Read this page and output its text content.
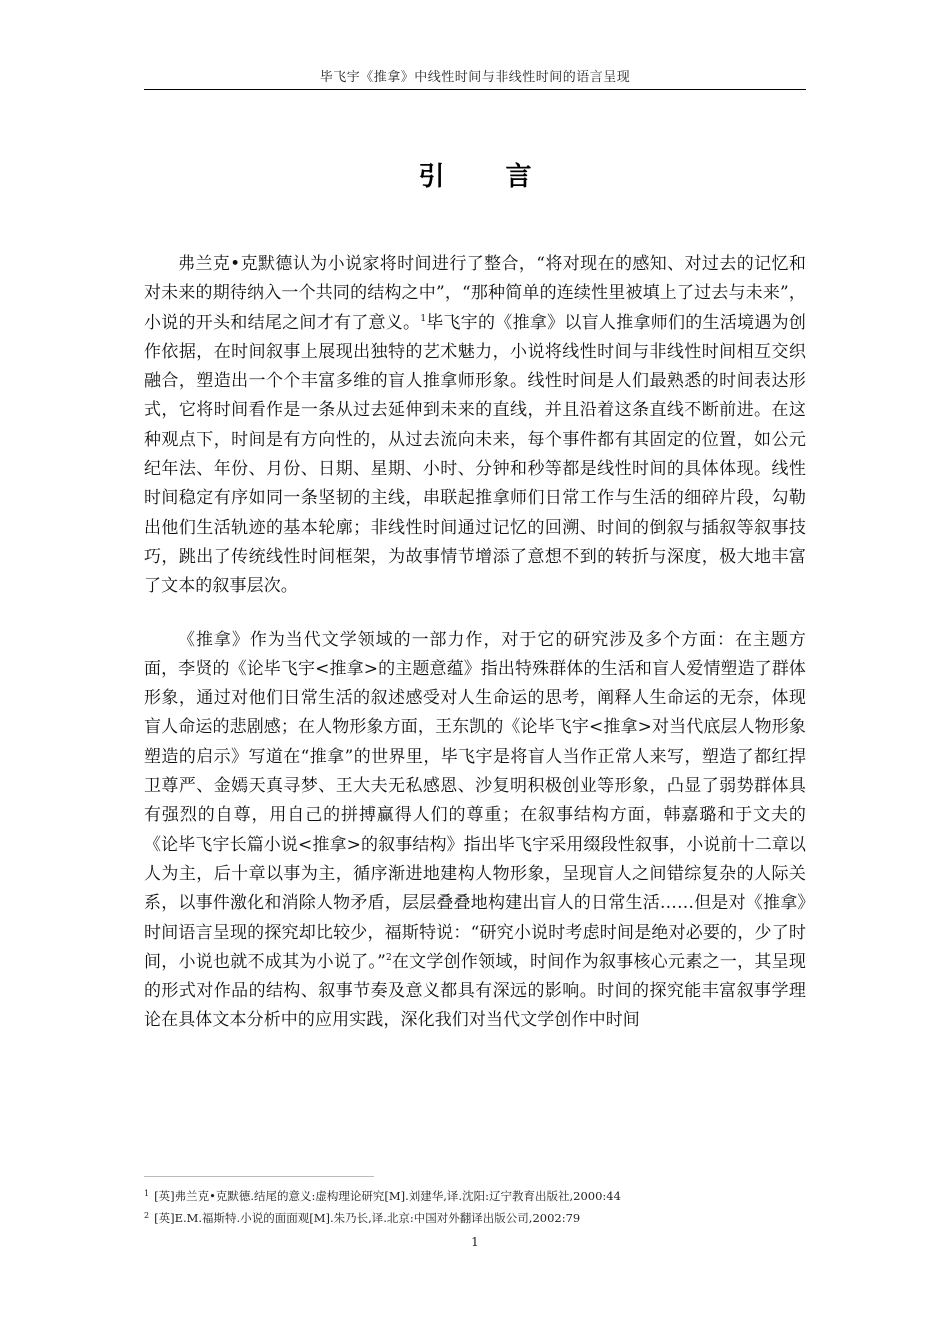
毕飞宇《推拿》中线性时间与非线性时间的语言呈现
引 言

弗兰克•克默德认为小说家将时间进行了整合，“将对现在的感知、对过去的记忆和对未来的期待纳入一个共同的结构之中”，“那种简单的连续性里被填上了过去与未来”，小说的开头和结尾之间才有了意义。$^1$毕飞宇的《推拿》以盲人推拿师们的生活境遇为创作依据，在时间叙事上展现出独特的艺术魅力，小说将线性时间与非线性时间相互交织融合，塑造出一个个丰富多维的盲人推拿师形象。线性时间是人们最熟悉的时间表达形式，它将时间看作是一条从过去延伸到未来的直线，并且沿着这条直线不断前进。在这种观点下，时间是有方向性的，从过去流向未来，每个事件都有其固定的位置，如公元纪年法、年份、月份、日期、星期、小时、分钟和秒等都是线性时间的具体体现。线性时间稳定有序如同一条坚韧的主线，串联起推拿师们日常工作与生活的细碎片段，勾勒出他们生活轨迹的基本轮廓；非线性时间通过记忆的回溯、时间的倒叙与插叙等叙事技巧，跳出了传统线性时间框架，为故事情节增添了意想不到的转折与深度，极大地丰富了文本的叙事层次。

《推拿》作为当代文学领域的一部力作，对于它的研究涉及多个方面：在主题方面，李贤的《论毕飞宇<推拿>的主题意蕴》指出特殊群体的生活和盲人爱情塑造了群体形象，通过对他们日常生活的叙述感受对人生命运的思考，阐释人生命运的无奈，体现盲人命运的悲剧感；在人物形象方面，王东凯的《论毕飞宇<推拿>对当代底层人物形象塑造的启示》写道在“推拿”的世界里，毕飞宇是将盲人当作正常人来写，塑造了都红捍卫尊严、金嫣天真寻梦、王大夫无私感恩、沙复明积极创业等形象，凸显了弱势群体具有强烈的自尊，用自己的拼搏赢得人们的尊重；在叙事结构方面，韩嘉璐和于文夫的《论毕飞宇长篇小说<推拿>的叙事结构》指出毕飞宇采用缀段性叙事，小说前十二章以人为主，后十章以事为主，循序渐进地建构人物形象，呈现盲人之间错综复杂的人际关系，以事件激化和消除人物矛盾，层层叠叠地构建出盲人的日常生活……但是对《推拿》时间语言呈现的探究却比较少，福斯特说：“研究小说时考虑时间是绝对必要的，少了时间，小说也就不成其为小说了。”$^2$在文学创作领域，时间作为叙事核心元素之一，其呈现的形式对作品的结构、叙事节奏及意义都具有深远的影响。时间的探究能丰富叙事学理论在具体文本分析中的应用实践，深化我们对当代文学创作中时间

$^1$ [英]弗兰克•克默德.结尾的意义:虚构理论研究[M].刘建华,译.沈阳:辽宁教育出版社,2000:44
$^2$ [英]E.M.福斯特.小说的面面观[M].朱乃长,译.北京:中国对外翻译出版公司,2002:79
1
